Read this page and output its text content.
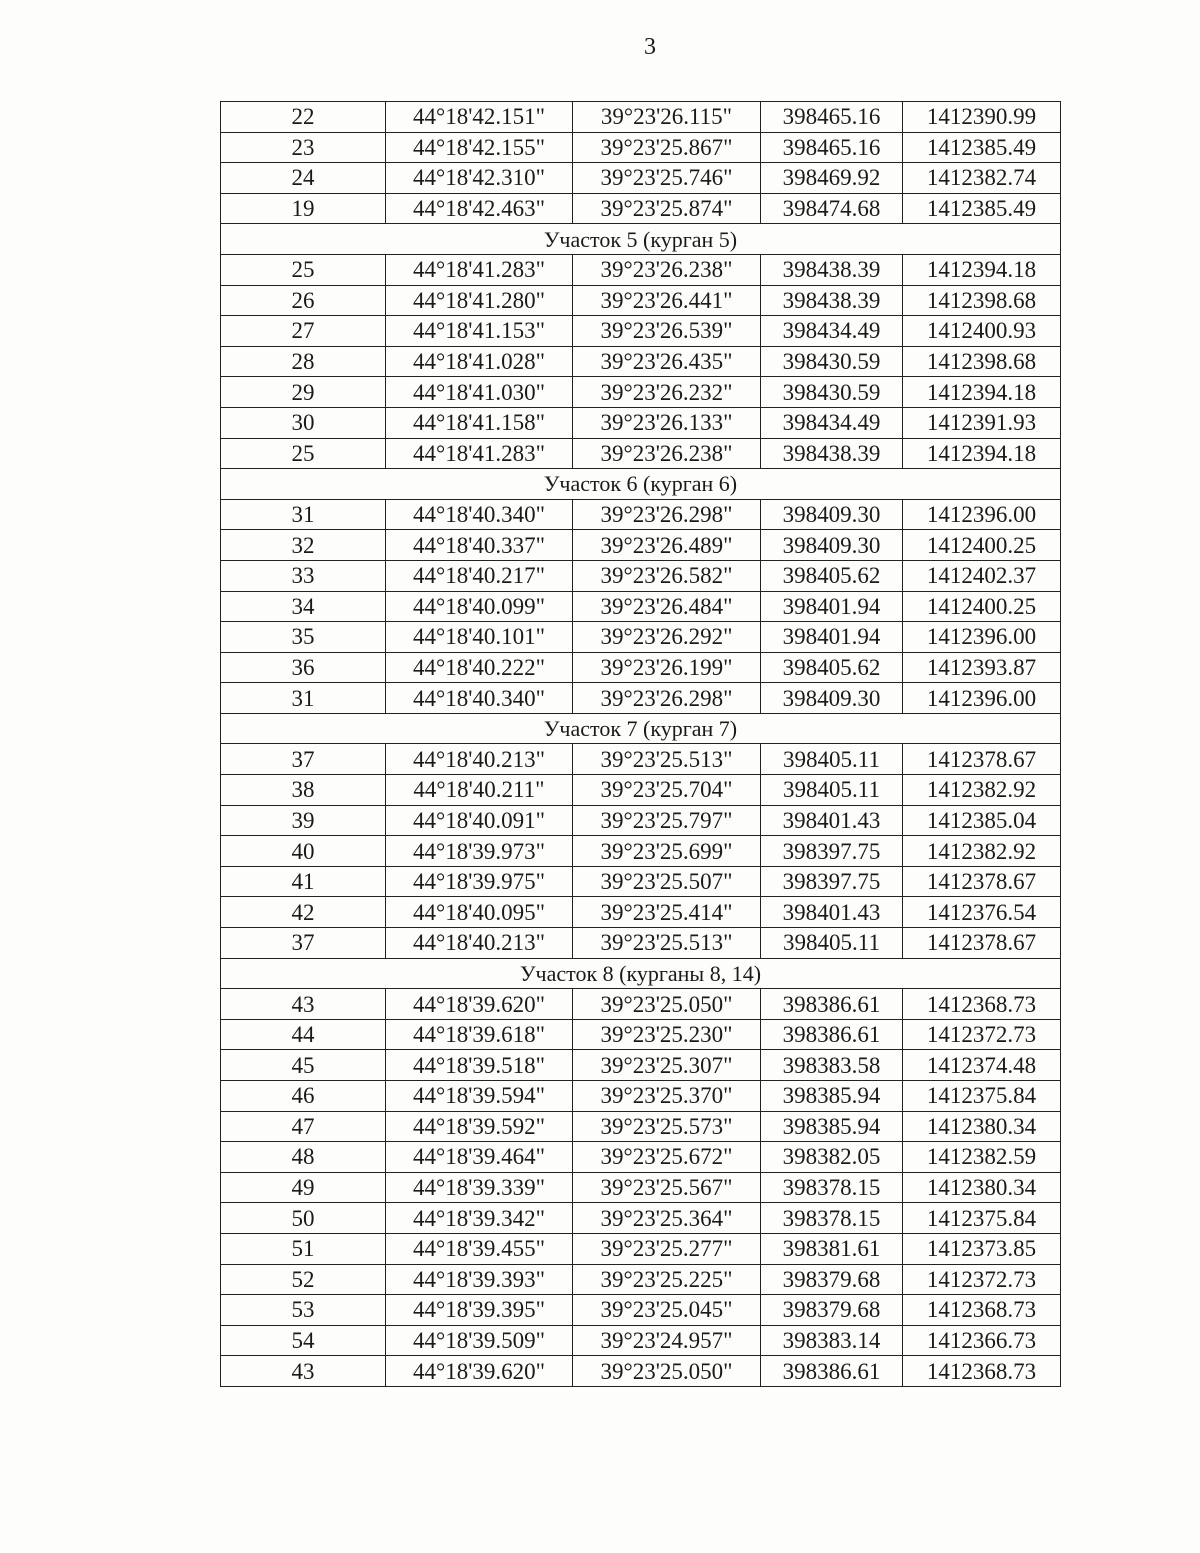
3
22	44°18'42.151"	39°23'26.115"	398465.16	1412390.99
23	44°18'42.155"	39°23'25.867"	398465.16	1412385.49
24	44°18'42.310"	39°23'25.746"	398469.92	1412382.74
19	44°18'42.463"	39°23'25.874"	398474.68	1412385.49
Участок 5 (курган 5)				
25	44°18'41.283"	39°23'26.238"	398438.39	1412394.18
26	44°18'41.280"	39°23'26.441"	398438.39	1412398.68
27	44°18'41.153"	39°23'26.539"	398434.49	1412400.93
28	44°18'41.028"	39°23'26.435"	398430.59	1412398.68
29	44°18'41.030"	39°23'26.232"	398430.59	1412394.18
30	44°18'41.158"	39°23'26.133"	398434.49	1412391.93
25	44°18'41.283"	39°23'26.238"	398438.39	1412394.18
Участок 6 (курган 6)				
31	44°18'40.340"	39°23'26.298"	398409.30	1412396.00
32	44°18'40.337"	39°23'26.489"	398409.30	1412400.25
33	44°18'40.217"	39°23'26.582"	398405.62	1412402.37
34	44°18'40.099"	39°23'26.484"	398401.94	1412400.25
35	44°18'40.101"	39°23'26.292"	398401.94	1412396.00
36	44°18'40.222"	39°23'26.199"	398405.62	1412393.87
31	44°18'40.340"	39°23'26.298"	398409.30	1412396.00
Участок 7 (курган 7)				
37	44°18'40.213"	39°23'25.513"	398405.11	1412378.67
38	44°18'40.211"	39°23'25.704"	398405.11	1412382.92
39	44°18'40.091"	39°23'25.797"	398401.43	1412385.04
40	44°18'39.973"	39°23'25.699"	398397.75	1412382.92
41	44°18'39.975"	39°23'25.507"	398397.75	1412378.67
42	44°18'40.095"	39°23'25.414"	398401.43	1412376.54
37	44°18'40.213"	39°23'25.513"	398405.11	1412378.67
Участок 8 (курганы 8, 14)				
43	44°18'39.620"	39°23'25.050"	398386.61	1412368.73
44	44°18'39.618"	39°23'25.230"	398386.61	1412372.73
45	44°18'39.518"	39°23'25.307"	398383.58	1412374.48
46	44°18'39.594"	39°23'25.370"	398385.94	1412375.84
47	44°18'39.592"	39°23'25.573"	398385.94	1412380.34
48	44°18'39.464"	39°23'25.672"	398382.05	1412382.59
49	44°18'39.339"	39°23'25.567"	398378.15	1412380.34
50	44°18'39.342"	39°23'25.364"	398378.15	1412375.84
51	44°18'39.455"	39°23'25.277"	398381.61	1412373.85
52	44°18'39.393"	39°23'25.225"	398379.68	1412372.73
53	44°18'39.395"	39°23'25.045"	398379.68	1412368.73
54	44°18'39.509"	39°23'24.957"	398383.14	1412366.73
43	44°18'39.620"	39°23'25.050"	398386.61	1412368.73
